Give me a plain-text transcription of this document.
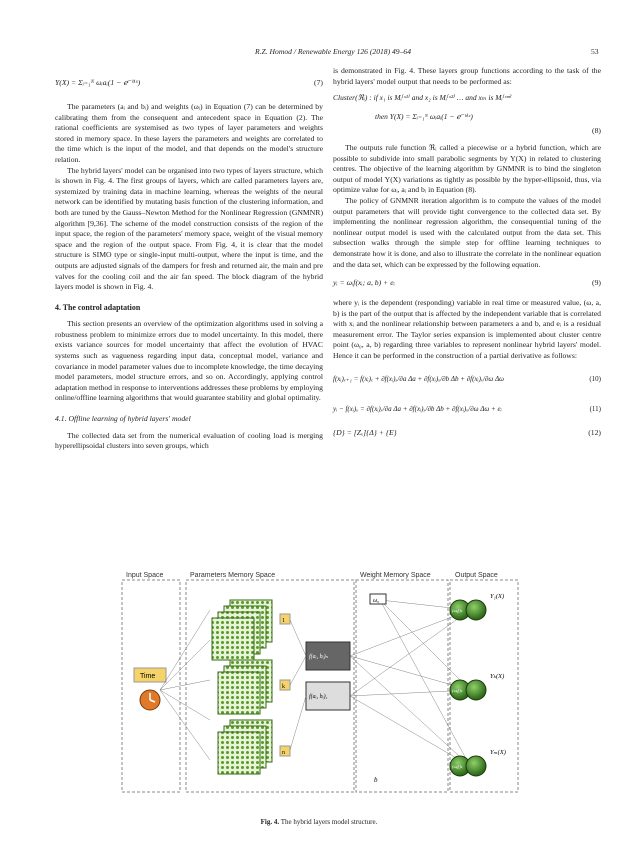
R.Z. Homod / Renewable Energy 126 (2018) 49–64	53
Y(X) = Σᵢ₌₁ᴺ ωᵢaᵢ(1 − ℯ⁻ᵇⁱˣ)	(7)

The parameters (aᵢ and bᵢ) and weights (ωᵢ) in Equation (7) can be determined by calibrating them from the consequent and antecedent space in Equation (2). The rational coefficients are systemised as two types of layer parameters and weights stored in memory space. In these layers the parameters and weights are correlated to the time which is the input of the model, and that depends on the model's structure relation.

The hybrid layers' model can be organised into two types of layers structure, which is shown in Fig. 4. The first groups of layers, which are called parameters layers are, systemized by training data in machine learning, whereas the weights of the neural network can be identified by mutating basis function of the clustering information, and both are tuned by the Gauss–Newton Method for the Nonlinear Regression (GNMNR) algorithm [9,36]. The scheme of the model construction consists of the region of the input space, the region of the parameters' memory space, weight of the visual memory space and the region of the output space. From Fig. 4, it is clear that the model structure is SIMO type or single-input multi-output, where the input is time, and the outputs are adjusted signals of the dampers for fresh and returned air, the main and pre valves for the cooling coil and the air fan speed. The block diagram of the hybrid layers model is shown in Fig. 4.

4. The control adaptation

This section presents an overview of the optimization algorithms used in solving a robustness problem to minimize errors due to model uncertainty. In this model, there exists variance sources for model uncertainty that affect the evolution of HVAC systems such as vagueness regarding input data, conceptual model, variance and covariance in model parameter values due to incomplete knowledge, the time decaying model parameters, model structure errors, and so on. Accordingly, applying control adaptation method in response to interventions addresses these problems by employing online/offline learning algorithms that would guarantee stability and global optimality.

4.1. Offline learning of hybrid layers' model

The collected data set from the numerical evaluation of cooling load is merging hyperellipsoidal clusters into seven groups, which

is demonstrated in Fig. 4. These layers group functions according to the task of the hybrid layers' model output that needs to be performed as:

Cluster(ℜᵢ) : if x₁ is Mᵢ⁽ˣ¹⁾ and x₂ is Mᵢ⁽ˣ²⁾ … and xₘ is Mᵢ⁽ˣᵐ⁾
then Y(X) = Σᵢ₌₁ᴺ ωᵢaᵢ(1 − ℯ⁻ᵇⁱˣ)
(8)

The outputs rule function ℜᵢ called a piecewise or a hybrid function, which are possible to subdivide into small parabolic segments by Y(X) in related to clustering centres. The objective of the learning algorithm by GNMNR is to bind the singleton output of model Y(X) variations as tightly as possible by the hyper-ellipsoid, thus, via optimize value for ωᵢ, aᵢ and bᵢ in Equation (8).

The policy of GNMNR iteration algorithm is to compute the values of the model output parameters that will provide tight convergence to the collected data set. By implementing the nonlinear regression algorithm, the consequential tuning of the nonlinear output model is used with the calculated output from the data set. This subsection walks through the simple step for offline learning techniques to demonstrate how it is done, and also to illustrate the correlate in the nonlinear equation and the data set, which can be expressed by the following equation.

yᵢ = ωᵢf(xᵢ; a, b) + eᵢ	(9)

where yᵢ is the dependent (responding) variable in real time or measured value, (ω, a, b) is the part of the output that is affected by the independent variable that is correlated with xᵢ and the nonlinear relationship between parameters a and b, and eᵢ is a residual measurement error. The Taylor series expansion is implemented about cluster centre point (ω₀, a, b) regarding three variables to represent nonlinear hybrid layers' model. Hence it can be performed in the construction of a partial derivative as follows:

f(xᵢ)ₓ₊₁ = f(xᵢ)ₓ + ∂f(xᵢ)ₓ/∂a Δa + ∂f(xᵢ)ₓ/∂b Δb + ∂f(xᵢ)ₓ/∂ω Δω	(10)
yᵢ − f(xᵢ)ₓ = ∂f(xᵢ)ₓ/∂a Δa + ∂f(xᵢ)ₓ/∂b Δb + ∂f(xᵢ)ₓ/∂ω Δω + eᵢ	(11)
{D} = [Zₓ]{Δ} + {E}	(12)
Input Space	Parameters Memory Space	Weight Memory Space	Output Space
Time
1
k
n
f(aᵢ, bᵢ)ₙ
f(aᵢ, bᵢ)₁
ω₀
b
(ωᵢfᵢ)ₖ
(ωᵢfᵢ)ₖ
(ωᵢfᵢ)ₖ
Y₁(X)
Yₖ(X)
Yₘ(X)
Fig. 4. The hybrid layers model structure.
